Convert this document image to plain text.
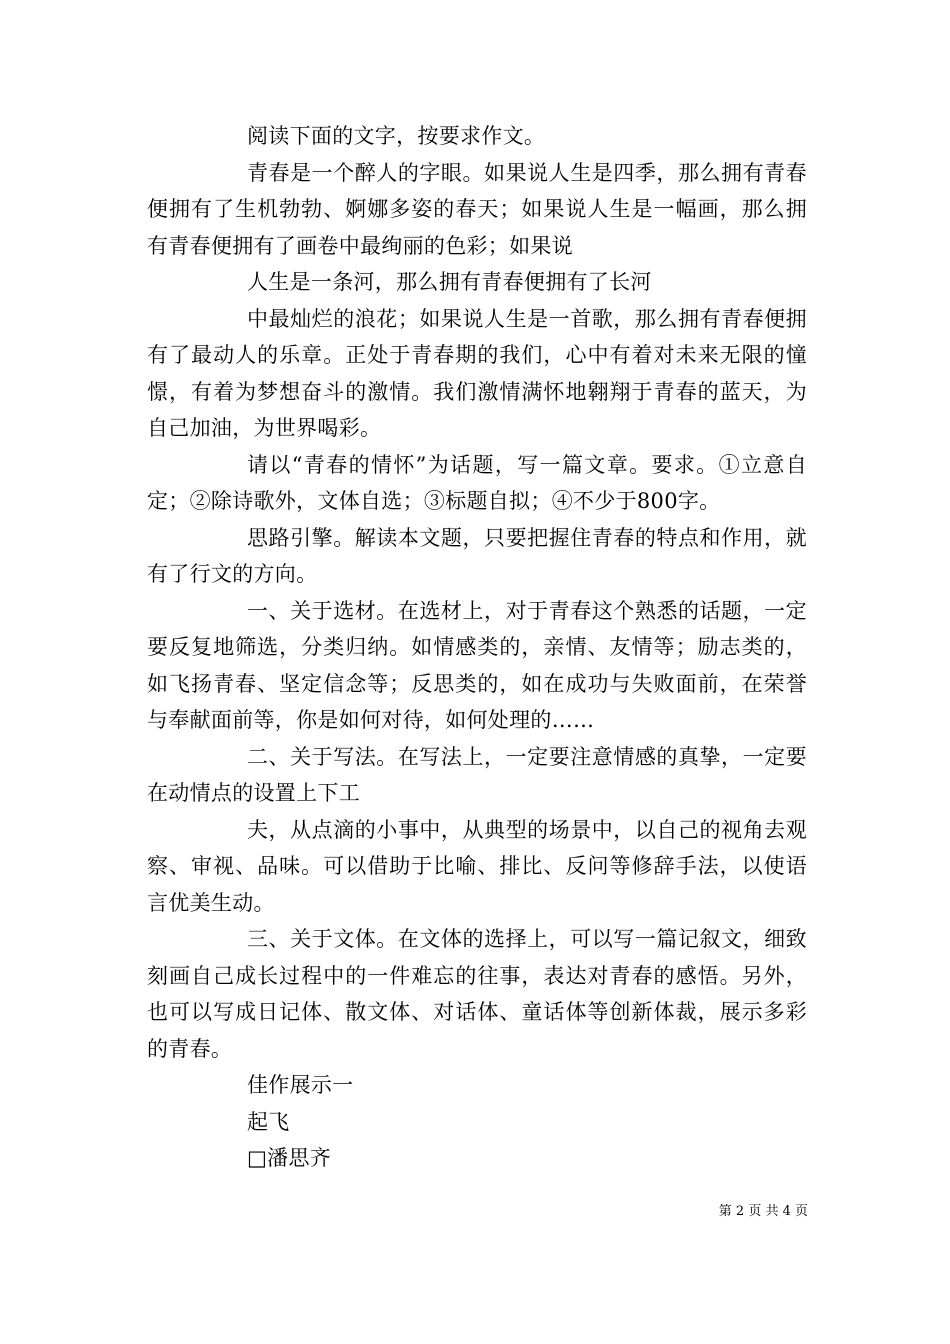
阅读下面的文字，按要求作文。

青春是一个醉人的字眼。如果说人生是四季，那么拥有青春便拥有了生机勃勃、婀娜多姿的春天；如果说人生是一幅画，那么拥有青春便拥有了画卷中最绚丽的色彩；如果说

人生是一条河，那么拥有青春便拥有了长河

中最灿烂的浪花；如果说人生是一首歌，那么拥有青春便拥有了最动人的乐章。正处于青春期的我们，心中有着对未来无限的憧憬，有着为梦想奋斗的激情。我们激情满怀地翱翔于青春的蓝天，为自己加油，为世界喝彩。

请以“青春的情怀”为话题，写一篇文章。要求。①立意自定；②除诗歌外，文体自选；③标题自拟；④不少于800字。

思路引擎。解读本文题，只要把握住青春的特点和作用，就有了行文的方向。

一、关于选材。在选材上，对于青春这个熟悉的话题，一定要反复地筛选，分类归纳。如情感类的，亲情、友情等；励志类的，如飞扬青春、坚定信念等；反思类的，如在成功与失败面前，在荣誉与奉献面前等，你是如何对待，如何处理的……

二、关于写法。在写法上，一定要注意情感的真挚，一定要在动情点的设置上下工

夫，从点滴的小事中，从典型的场景中，以自己的视角去观察、审视、品味。可以借助于比喻、排比、反问等修辞手法，以使语言优美生动。

三、关于文体。在文体的选择上，可以写一篇记叙文，细致刻画自己成长过程中的一件难忘的往事，表达对青春的感悟。另外，也可以写成日记体、散文体、对话体、童话体等创新体裁，展示多彩的青春。

佳作展示一

起飞

□潘思齐

第 2 页 共 4 页
